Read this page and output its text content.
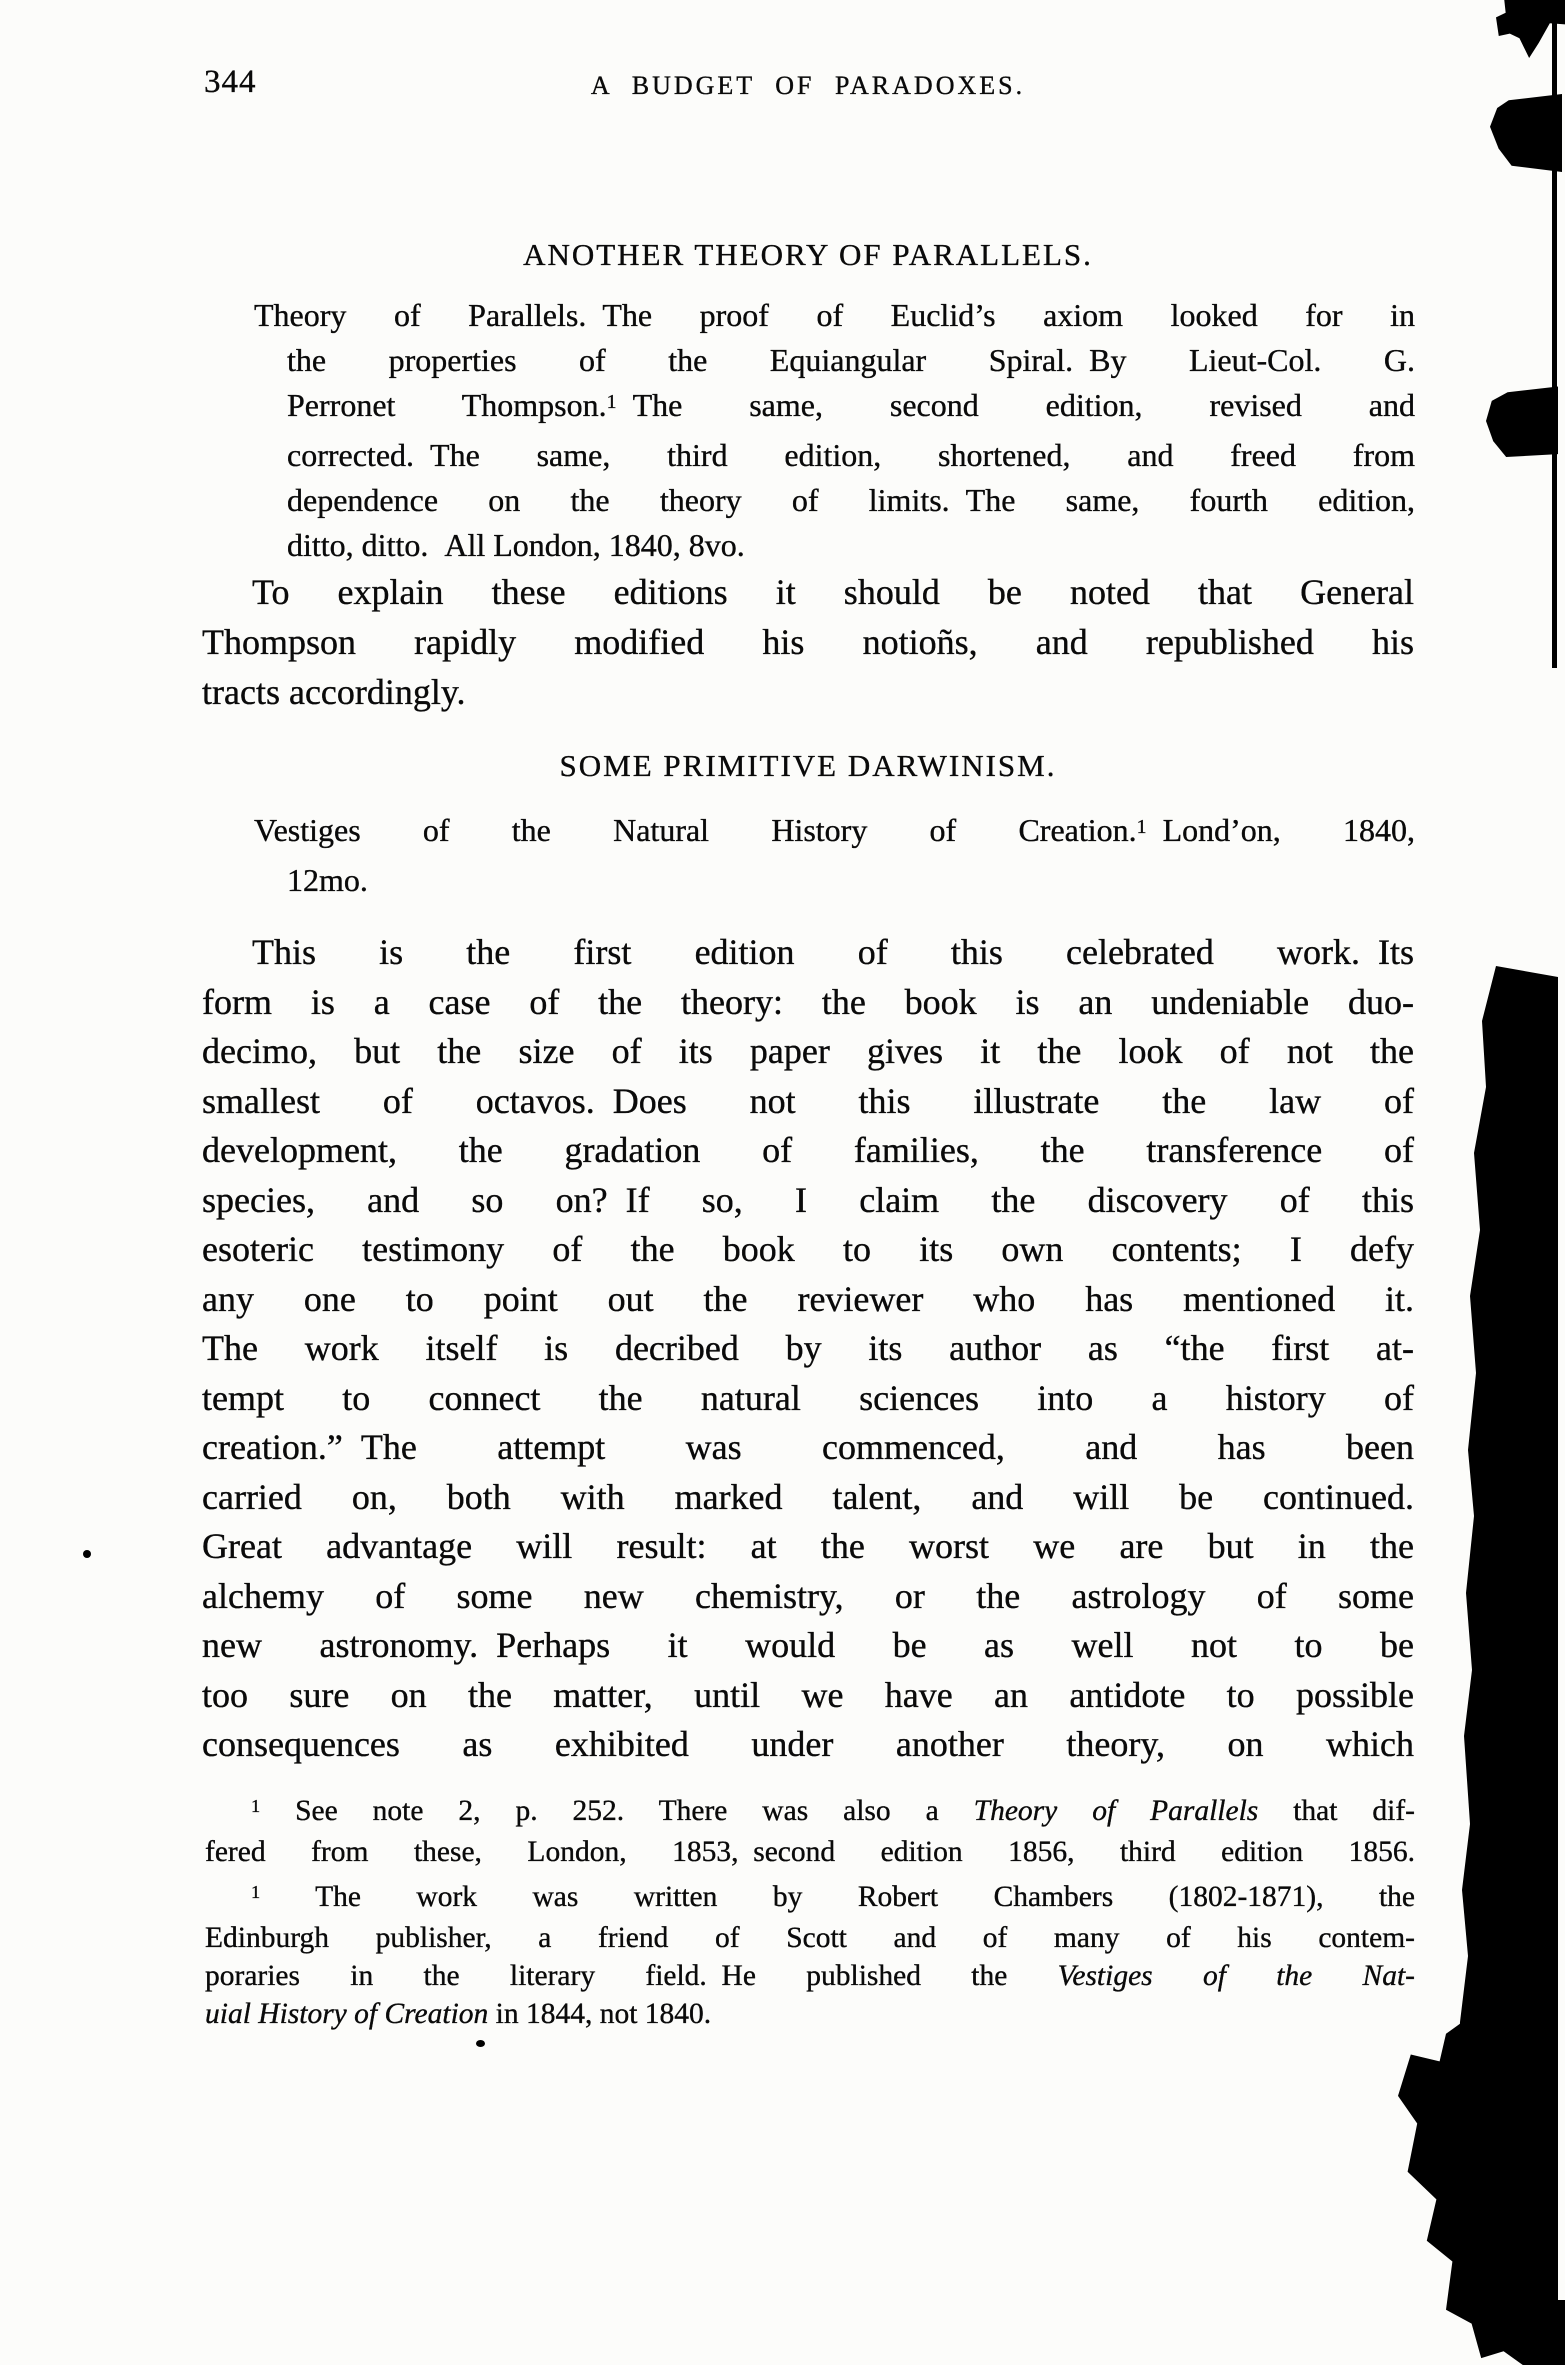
344	A BUDGET OF PARADOXES.
ANOTHER THEORY OF PARALLELS.
Theory of Parallels. The proof of Euclid’s axiom looked for in
the properties of the Equiangular Spiral. By Lieut-Col. G.
Perronet Thompson.$^1$ The same, second edition, revised and
corrected. The same, third edition, shortened, and freed from
dependence on the theory of limits. The same, fourth edition,
ditto, ditto. All London, 1840, 8vo.
To explain these editions it should be noted that General
Thompson rapidly modified his notioñs, and republished his
tracts accordingly.
SOME PRIMITIVE DARWINISM.
Vestiges of the Natural History of Creation.$^1$ Lond’on, 1840,
12mo.
This is the first edition of this celebrated work. Its
form is a case of the theory: the book is an undeniable duo-
decimo, but the size of its paper gives it the look of not the
smallest of octavos. Does not this illustrate the law of
development, the gradation of families, the transference of
species, and so on? If so, I claim the discovery of this
esoteric testimony of the book to its own contents; I defy
any one to point out the reviewer who has mentioned it.
The work itself is decribed by its author as “the first at-
tempt to connect the natural sciences into a history of
creation.” The attempt was commenced, and has been
carried on, both with marked talent, and will be continued.
Great advantage will result: at the worst we are but in the
alchemy of some new chemistry, or the astrology of some
new astronomy. Perhaps it would be as well not to be
too sure on the matter, until we have an antidote to possible
consequences as exhibited under another theory, on which
$^1$ See note 2, p. 252. There was also a Theory of Parallels that dif-
fered from these, London, 1853, second edition 1856, third edition 1856.
$^1$ The work was written by Robert Chambers (1802-1871), the
Edinburgh publisher, a friend of Scott and of many of his contem-
poraries in the literary field. He published the Vestiges of the Nat-
uial History of Creation in 1844, not 1840.
